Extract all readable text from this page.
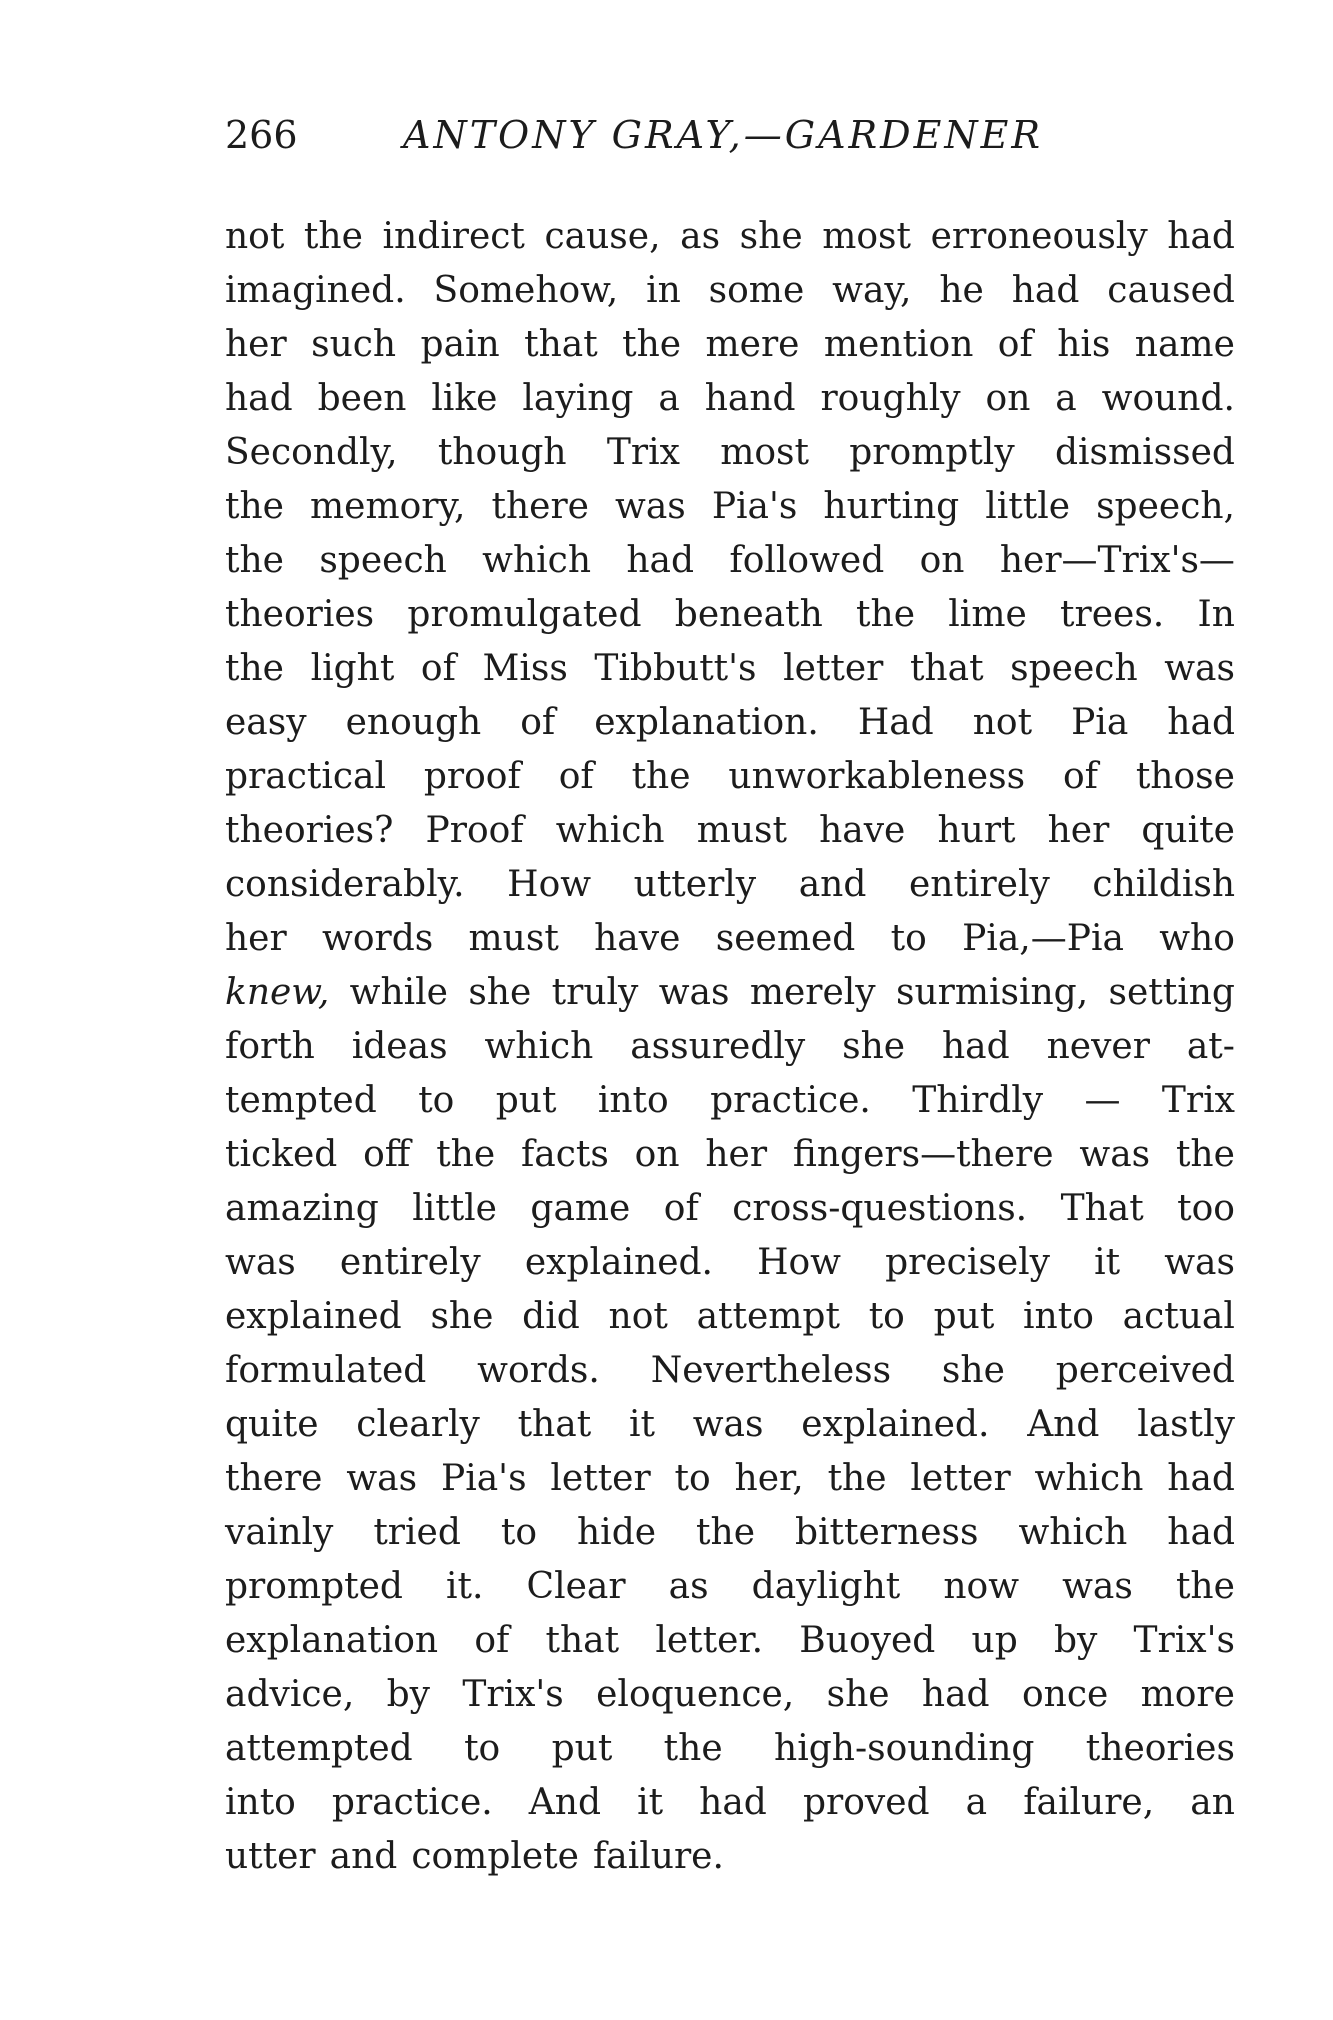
266	ANTONY GRAY,—GARDENER
not the indirect cause, as she most erroneously had
imagined. Somehow, in some way, he had caused
her such pain that the mere mention of his name
had been like laying a hand roughly on a wound.
Secondly, though Trix most promptly dismissed
the memory, there was Pia's hurting little speech,
the speech which had followed on her—Trix's—
theories promulgated beneath the lime trees. In
the light of Miss Tibbutt's letter that speech was
easy enough of explanation. Had not Pia had
practical proof of the unworkableness of those
theories? Proof which must have hurt her quite
considerably. How utterly and entirely childish
her words must have seemed to Pia,—Pia who
knew, while she truly was merely surmising, setting
forth ideas which assuredly she had never at-
tempted to put into practice. Thirdly — Trix
ticked off the facts on her fingers—there was the
amazing little game of cross-questions. That too
was entirely explained. How precisely it was
explained she did not attempt to put into actual
formulated words. Nevertheless she perceived
quite clearly that it was explained. And lastly
there was Pia's letter to her, the letter which had
vainly tried to hide the bitterness which had
prompted it. Clear as daylight now was the
explanation of that letter. Buoyed up by Trix's
advice, by Trix's eloquence, she had once more
attempted to put the high-sounding theories
into practice. And it had proved a failure, an
utter and complete failure.
